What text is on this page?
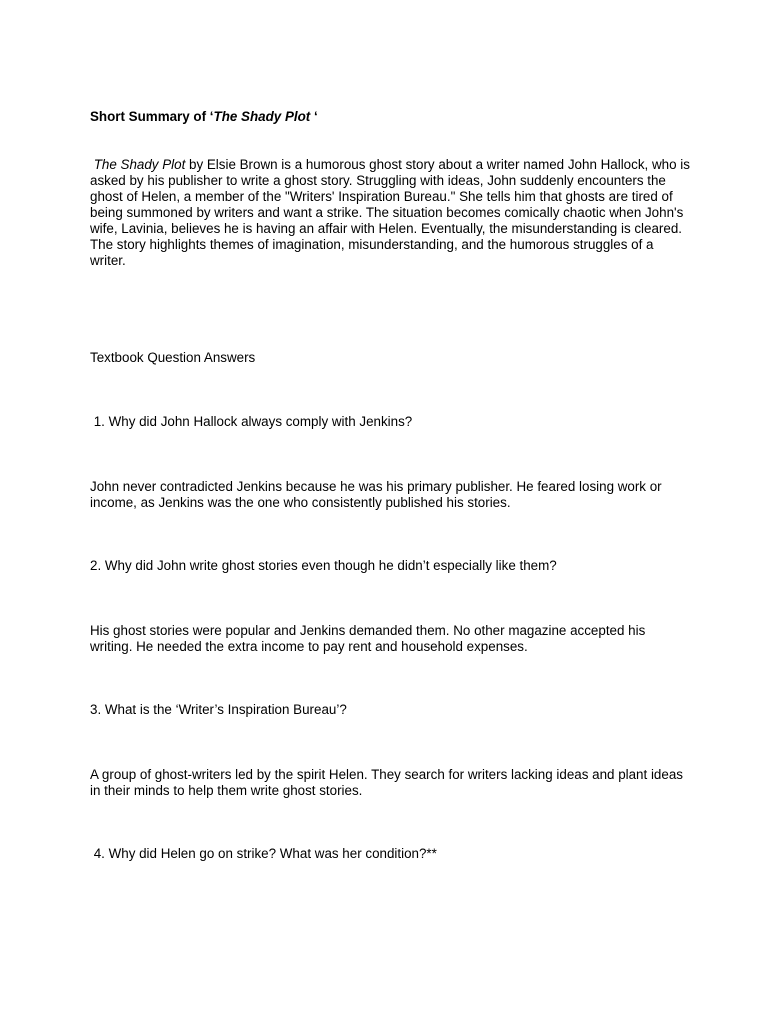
Short Summary of ‘The Shady Plot ‘

The Shady Plot by Elsie Brown is a humorous ghost story about a writer named John Hallock, who is asked by his publisher to write a ghost story. Struggling with ideas, John suddenly encounters the ghost of Helen, a member of the "Writers' Inspiration Bureau." She tells him that ghosts are tired of being summoned by writers and want a strike. The situation becomes comically chaotic when John's wife, Lavinia, believes he is having an affair with Helen. Eventually, the misunderstanding is cleared. The story highlights themes of imagination, misunderstanding, and the humorous struggles of a writer.

Textbook Question Answers

1. Why did John Hallock always comply with Jenkins?

John never contradicted Jenkins because he was his primary publisher. He feared losing work or income, as Jenkins was the one who consistently published his stories.

2. Why did John write ghost stories even though he didn’t especially like them?

His ghost stories were popular and Jenkins demanded them. No other magazine accepted his writing. He needed the extra income to pay rent and household expenses.

3. What is the ‘Writer’s Inspiration Bureau’?

A group of ghost-writers led by the spirit Helen. They search for writers lacking ideas and plant ideas in their minds to help them write ghost stories.

4. Why did Helen go on strike? What was her condition?**
